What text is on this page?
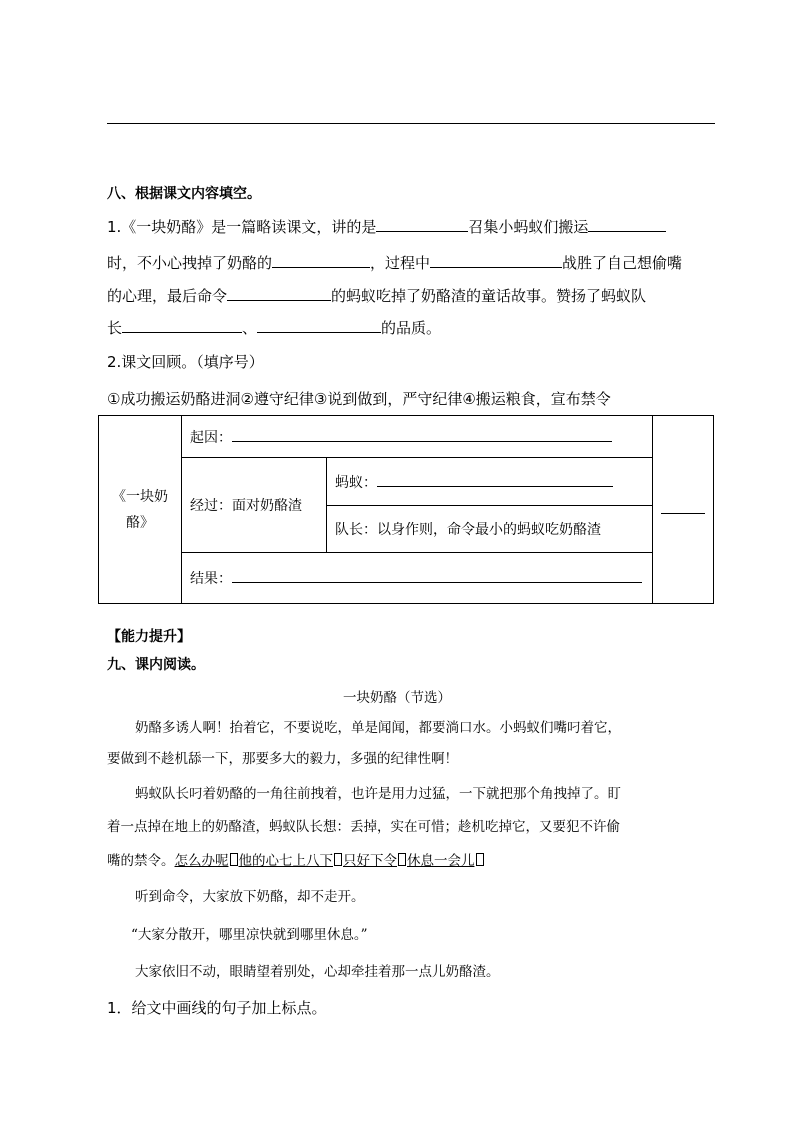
八、根据课文内容填空。
1.《一块奶酪》是一篇略读课文，讲的是	召集小蚂蚁们搬运
时，不小心拽掉了奶酪的	，过程中	战胜了自己想偷嘴
的心理，最后命令	的蚂蚁吃掉了奶酪渣的童话故事。赞扬了蚂蚁队
长	、	的品质。
2.课文回顾。（填序号）
①成功搬运奶酪进洞②遵守纪律③说到做到，严守纪律④搬运粮食，宣布禁令
《一块奶酪》	起因：		
	经过：面对奶酪渣	蚂蚁：	
		队长：以身作则，命令最小的蚂蚁吃奶酪渣	
	结果：		
【能力提升】
九、课内阅读。
一块奶酪（节选）
奶酪多诱人啊！抬着它，不要说吃，单是闻闻，都要淌口水。小蚂蚁们嘴叼着它，
要做到不趁机舔一下，那要多大的毅力，多强的纪律性啊！
蚂蚁队长叼着奶酪的一角往前拽着，也许是用力过猛，一下就把那个角拽掉了。盯
着一点掉在地上的奶酪渣，蚂蚁队长想：丢掉，实在可惜；趁机吃掉它，又要犯不许偷
嘴的禁令。怎么办呢 他的心七上八下 只好下令 休息一会儿
听到命令，大家放下奶酪，却不走开。
“大家分散开，哪里凉快就到哪里休息。”
大家依旧不动，眼睛望着别处，心却牵挂着那一点儿奶酪渣。
1．给文中画线的句子加上标点。
